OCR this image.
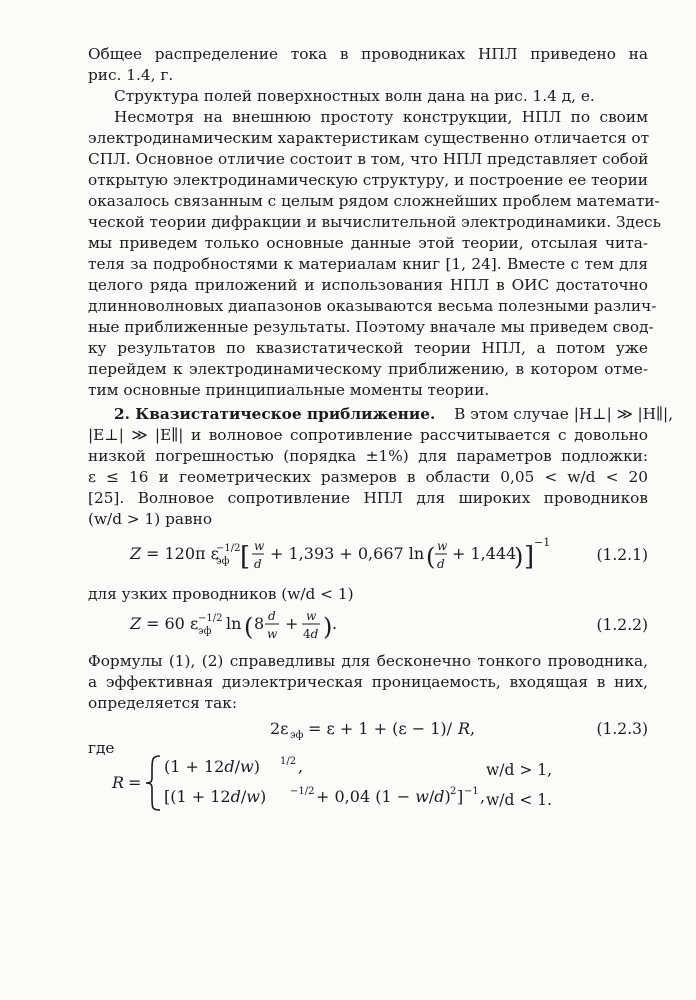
Общее распределение тока в проводниках НПЛ приведено на
рис. 1.4, г.
Структура полей поверхностных волн дана на рис. 1.4 д, е.
Несмотря на внешнюю простоту конструкции, НПЛ по своим
электродинамическим характеристикам существенно отличается от
СПЛ. Основное отличие состоит в том, что НПЛ представляет собой
открытую электродинамическую структуру, и построение ее теории
оказалось связанным с целым рядом сложнейших проблем математи-
ческой теории дифракции и вычислительной электродинамики. Здесь
мы приведем только основные данные этой теории, отсылая чита-
теля за подробностями к материалам книг [1, 24]. Вместе с тем для
целого ряда приложений и использования НПЛ в ОИС достаточно
длинноволновых диапазонов оказываются весьма полезными различ-
ные приближенные результаты. Поэтому вначале мы приведем свод-
ку результатов по квазистатической теории НПЛ, а потом уже
перейдем к электродинамическому приближению, в котором отме-
тим основные принципиальные моменты теории.
2. Квазистатическое приближение. В этом случае |H⊥| ≫ |H∥|,
|E⊥| ≫ |E∥| и волновое сопротивление рассчитывается с довольно
низкой погрешностью (порядка ±1%) для параметров подложки:
ε ≤ 16 и геометрических размеров в области 0,05 < w/d < 20
[25]. Волновое сопротивление НПЛ для широких проводников
(w/d > 1) равно
Z = 120π ε
−1/2
эф [ w
d
+ 1,393 + 0,667 ln ( w
d
+ 1,444
) ] −1
(1.2.1)
для узких проводников (w/d < 1)
Z = 60 ε −1/2
эф ln ( 8 d
w
+ w
4d ) .	(1.2.2)
Формулы (1), (2) справедливы для бесконечно тонкого проводника,
а эффективная диэлектрическая проницаемость, входящая в них,
определяется так:
2ε эф = ε + 1 + (ε − 1)/ R ,	(1.2.3)
где
R =
(1 + 12d/w) 1/2 ,
[(1 + 12d/w) −1/2 + 0,04 (1 − w/d) 2 ] −1 ,
w/d > 1,
w/d < 1.
